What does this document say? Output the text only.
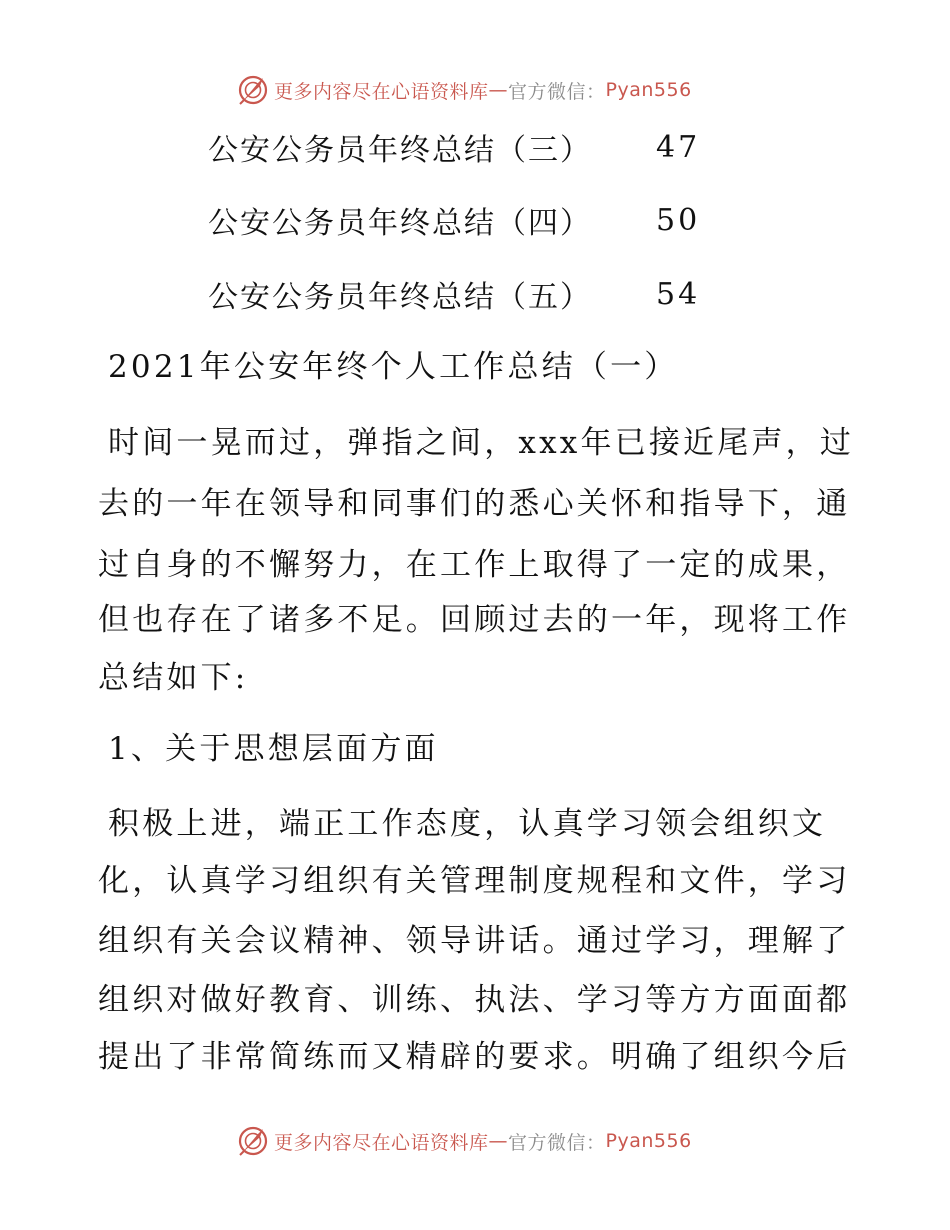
更多内容尽在心语资料库 — 官方微信 ： Pyan556
公安公务员年终总结（三） 47
公安公务员年终总结（四） 50
公安公务员年终总结（五） 54
2021年公安年终个人工作总结（一）
时间一晃而过，弹指之间，xxx年已接近尾声，过
去的一年在领导和同事们的悉心关怀和指导下，通
过自身的不懈努力，在工作上取得了一定的成果，
但也存在了诸多不足。回顾过去的一年，现将工作
总结如下:
1、关于思想层面方面
积极上进，端正工作态度，认真学习领会组织文
化，认真学习组织有关管理制度规程和文件，学习
组织有关会议精神、领导讲话。通过学习，理解了
组织对做好教育、训练、执法、学习等方方面面都
提出了非常简练而又精辟的要求。明确了组织今后
更多内容尽在心语资料库 — 官方微信 ： Pyan556
